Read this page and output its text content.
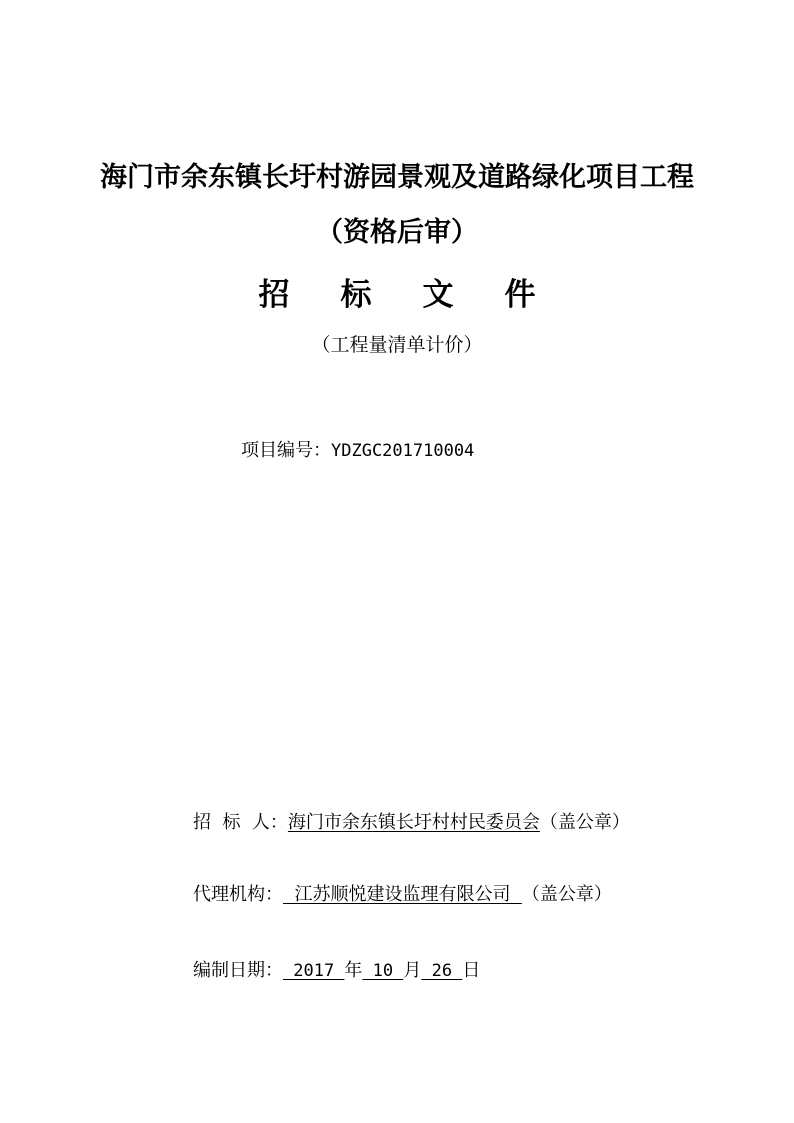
海门市余东镇长圩村游园景观及道路绿化项目工程
（资格后审）
招	标	文	件
（工程量清单计价）
项目编号：YDZGC201710004
招  标  人：海门市余东镇长圩村村民委员会（盖公章）
代理机构：  江苏顺悦建设监理有限公司  （盖公章）
编制日期： 2017 年 10 月 26 日
